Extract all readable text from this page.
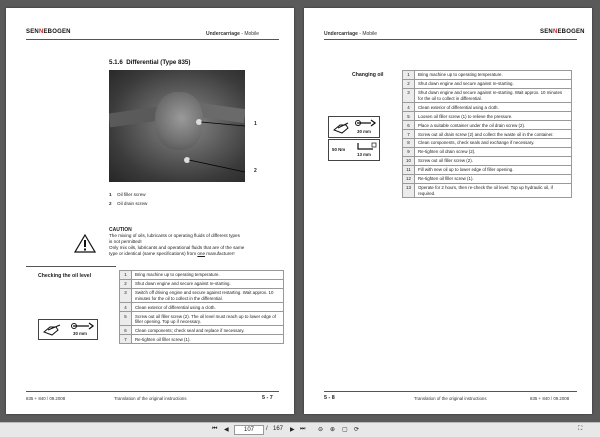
Undercarriage - Mobile
SENNEBOGEN
5.1.6 Differential (Type 835)
1
2
1 Oil filler screw
2 Oil drain screw
CAUTION
The mixing of oils, lubricants or operating fluids of different types
is not permitted!
Only mix oils, lubricants and operational fluids that are of the same
type or identical (same specifications) from one manufacturer!
Checking the oil level	1	Bring machine up to operating temperature.
2	Shut down engine and secure against re-starting.
3	Switch off driving engine and secure against restarting. Wait approx. 10 minutes for the oil to collect in the differential.
4	Clean exterior of differential using a cloth.
5	Screw out oil filler screw (2). The oil level must reach up to lower edge of filler opening. Top up if necessary.
6	Clean components; check seal and replace if necessary.
7	Re-tighten oil filler screw (1).
30 mm
835 + 840 / 09.2008	Translation of the original instructions	5 - 7
Undercarriage - Mobile	SENNEBOGEN
Changing oil	1	Bring machine up to operating temperature.
2	Shut down engine and secure against re-starting.
3	Shut down engine and secure against re-starting. Wait approx. 10 minutes for the oil to collect in differential.
4	Clean exterior of differential using a cloth.
5	Loosen oil filler screw (1) to relieve the pressure.
6	Place a suitable container under the oil drain screw (2).
7	Screw out oil drain screw (2) and collect the waste oil in the container.
8	Clean components, check seals and exchange if necessary.
9	Re-tighten oil drain screw (2).
10	Screw out oil filler screw (2).
11	Fill with new oil up to lower edge of filler opening.
12	Re-tighten oil filler screw (1).
13	Operate for 2 hours, then re-check the oil level. Top up hydraulic oil, if required.
30 mm
50 Nm
13 mm
5 - 8	Translation of the original instructions	835 + 840 / 09.2008
⏮ ◀	107	/ 167 ▶ ⏭ ⊖ ⊕ ▢ ⟳	⛶
